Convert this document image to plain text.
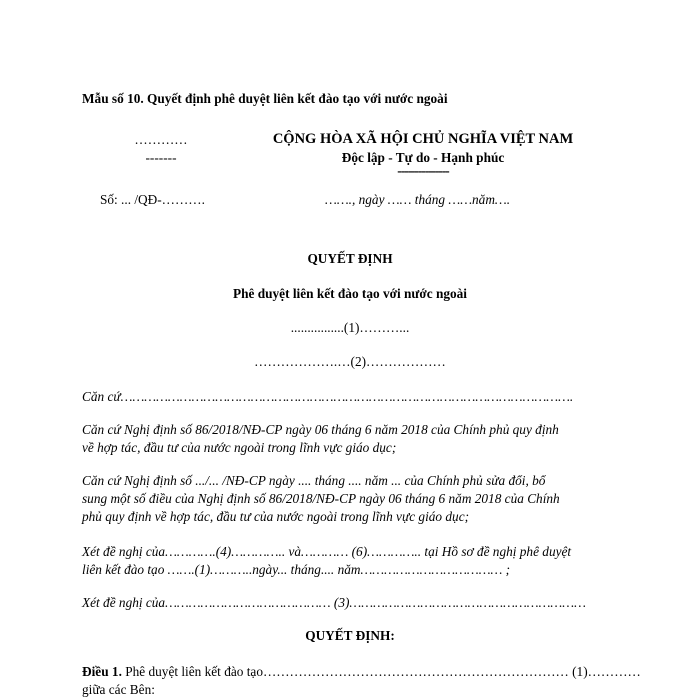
Mẫu số 10. Quyết định phê duyệt liên kết đào tạo với nước ngoài
…………
-------
CỘNG HÒA XÃ HỘI CHỦ NGHĨA VIỆT NAM
Độc lập - Tự do - Hạnh phúc
---------------
Số: ... /QĐ-……….	……., ngày …… tháng ……năm….
QUYẾT ĐỊNH
Phê duyệt liên kết đào tạo với nước ngoài
................(1)………...
……………….…(2)………………
Căn cứ…………………………………………………………………………………………………….
Căn cứ Nghị định số 86/2018/NĐ-CP ngày 06 tháng 6 năm 2018 của Chính phủ quy định
về hợp tác, đầu tư của nước ngoài trong lĩnh vực giáo dục;
Căn cứ Nghị định số .../... /NĐ-CP ngày .... tháng .... năm ... của Chính phủ sửa đổi, bổ
sung một số điều của Nghị định số 86/2018/NĐ-CP ngày 06 tháng 6 năm 2018 của Chính
phủ quy định về hợp tác, đầu tư của nước ngoài trong lĩnh vực giáo dục;
Xét đề nghị của………….(4)………….. và………… (6)………….. tại Hồ sơ đề nghị phê duyệt
liên kết đào tạo …….(1)………..ngày... tháng.... năm……………………………… ;
Xét đề nghị của…………………………………… (3)……………………………………………………
QUYẾT ĐỊNH:
Điều 1. Phê duyệt liên kết đào tạo…………………………………………………………… (1)…………
giữa các Bên:
